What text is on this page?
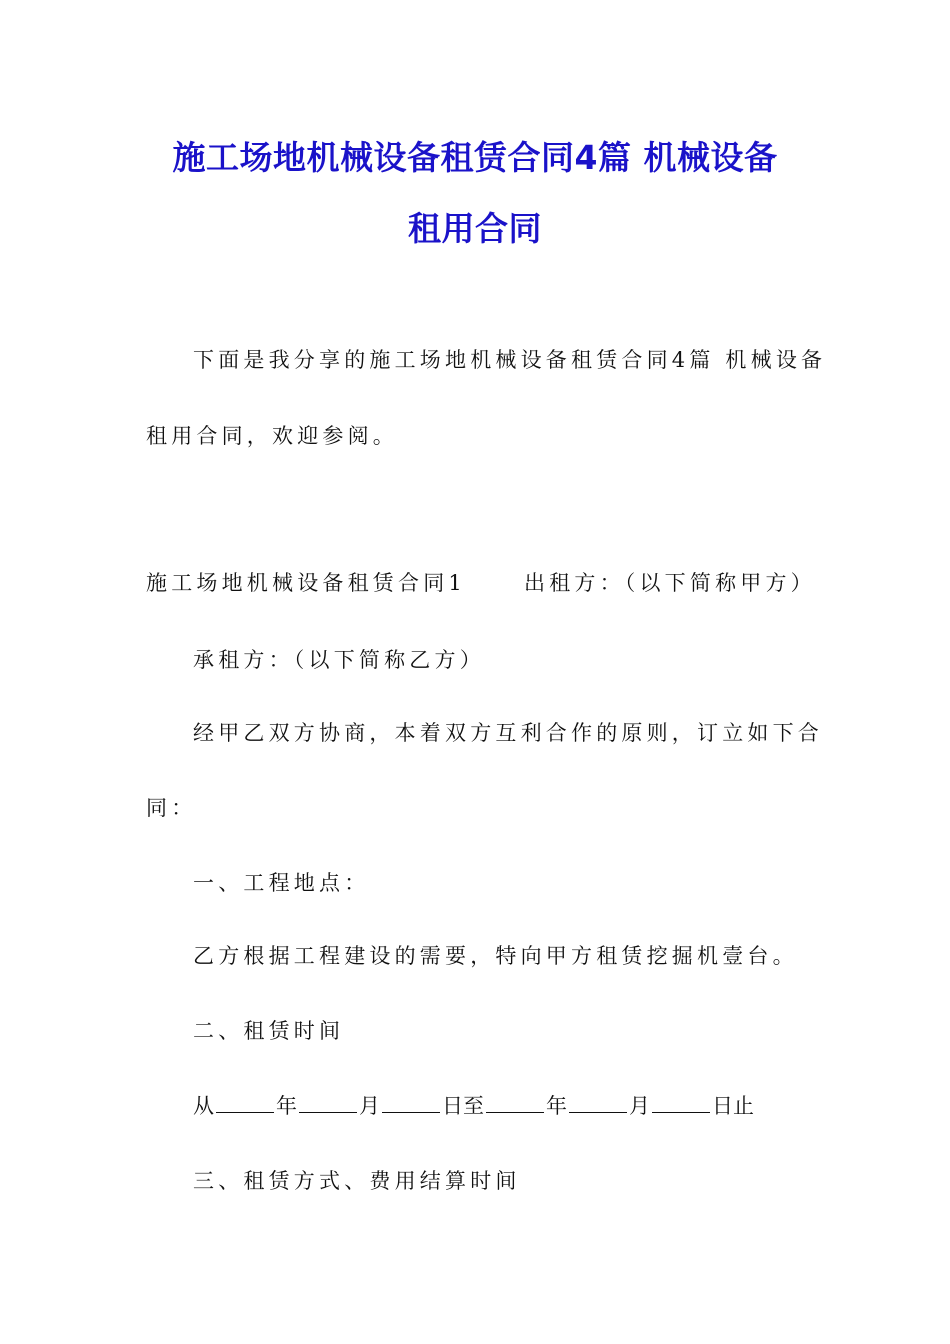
施工场地机械设备租赁合同4篇 机械设备
租用合同
下面是我分享的施工场地机械设备租赁合同4篇 机械设备
租用合同，欢迎参阅。
施工场地机械设备租赁合同1	出租方：（以下简称甲方）
承租方：（以下简称乙方）
经甲乙双方协商，本着双方互利合作的原则，订立如下合
同：
一、工程地点：
乙方根据工程建设的需要，特向甲方租赁挖掘机壹台。
二、租赁时间
从	年	月	日至	年	月	日止
三、租赁方式、费用结算时间
